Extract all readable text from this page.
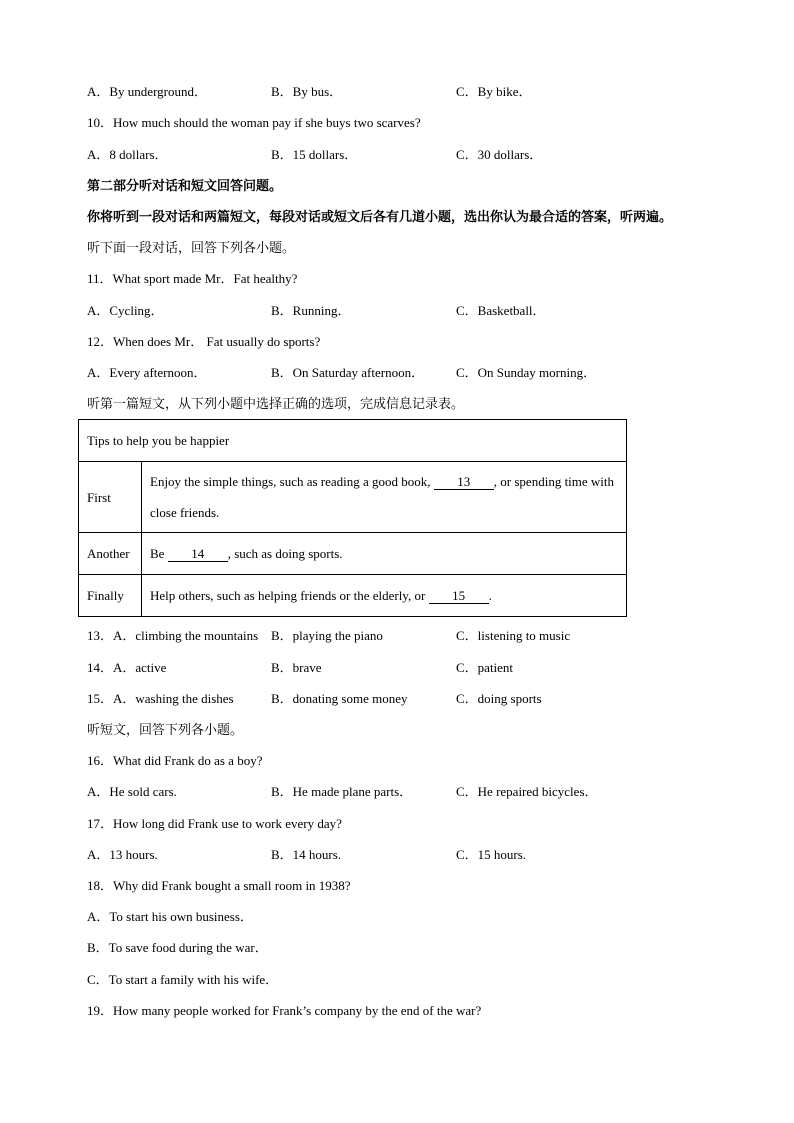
A．By underground．	B．By bus．	C．By bike．
10．How much should the woman pay if she buys two scarves?
A．8 dollars．	B．15 dollars．	C．30 dollars．
第二部分听对话和短文回答问题。
你将听到一段对话和两篇短文，每段对话或短文后各有几道小题，选出你认为最合适的答案，听两遍。
听下面一段对话，回答下列各小题。
11．What sport made Mr．Fat healthy?
A．Cycling．	B．Running．	C．Basketball．
12．When does Mr． Fat usually do sports?
A．Every afternoon．	B．On Saturday afternoon． C．On Sunday morning．
听第一篇短文，从下列小题中选择正确的选项，完成信息记录表。
Tips to help you be happier	
First	Enjoy the simple things, such as reading a good book, 13 , or spending time with close friends.
Another	Be 14 , such as doing sports.
Finally	Help others, such as helping friends or the elderly, or 15 .
13．A．climbing the mountains B．playing the piano	C．listening to music
14．A．active	B．brave	C．patient
15．A．washing the dishes	B．donating some money	C．doing sports
听短文，回答下列各小题。
16．What did Frank do as a boy?
A．He sold cars.	B．He made plane parts．	C．He repaired bicycles．
17．How long did Frank use to work every day?
A．13 hours.	B．14 hours.	C．15 hours.
18．Why did Frank bought a small room in 1938?
A．To start his own business．
B．To save food during the war．
C．To start a family with his wife．
19．How many people worked for Frank’s company by the end of the war?
